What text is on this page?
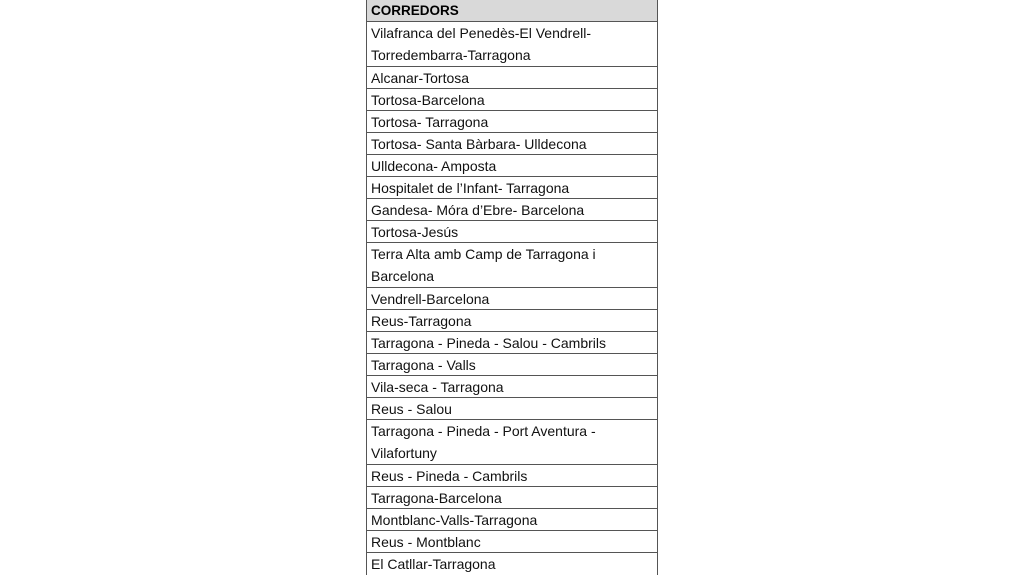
CORREDORS
Vilafranca del Penedès-El Vendrell-Torredembarra-Tarragona
Alcanar-Tortosa
Tortosa-Barcelona
Tortosa- Tarragona
Tortosa- Santa Bàrbara- Ulldecona
Ulldecona- Amposta
Hospitalet de l’Infant- Tarragona
Gandesa- Móra d’Ebre- Barcelona
Tortosa-Jesús
Terra Alta amb Camp de Tarragona i Barcelona
Vendrell-Barcelona
Reus-Tarragona
Tarragona - Pineda - Salou - Cambrils
Tarragona - Valls
Vila-seca - Tarragona
Reus - Salou
Tarragona - Pineda - Port Aventura - Vilafortuny
Reus - Pineda - Cambrils
Tarragona-Barcelona
Montblanc-Valls-Tarragona
Reus - Montblanc
El Catllar-Tarragona
